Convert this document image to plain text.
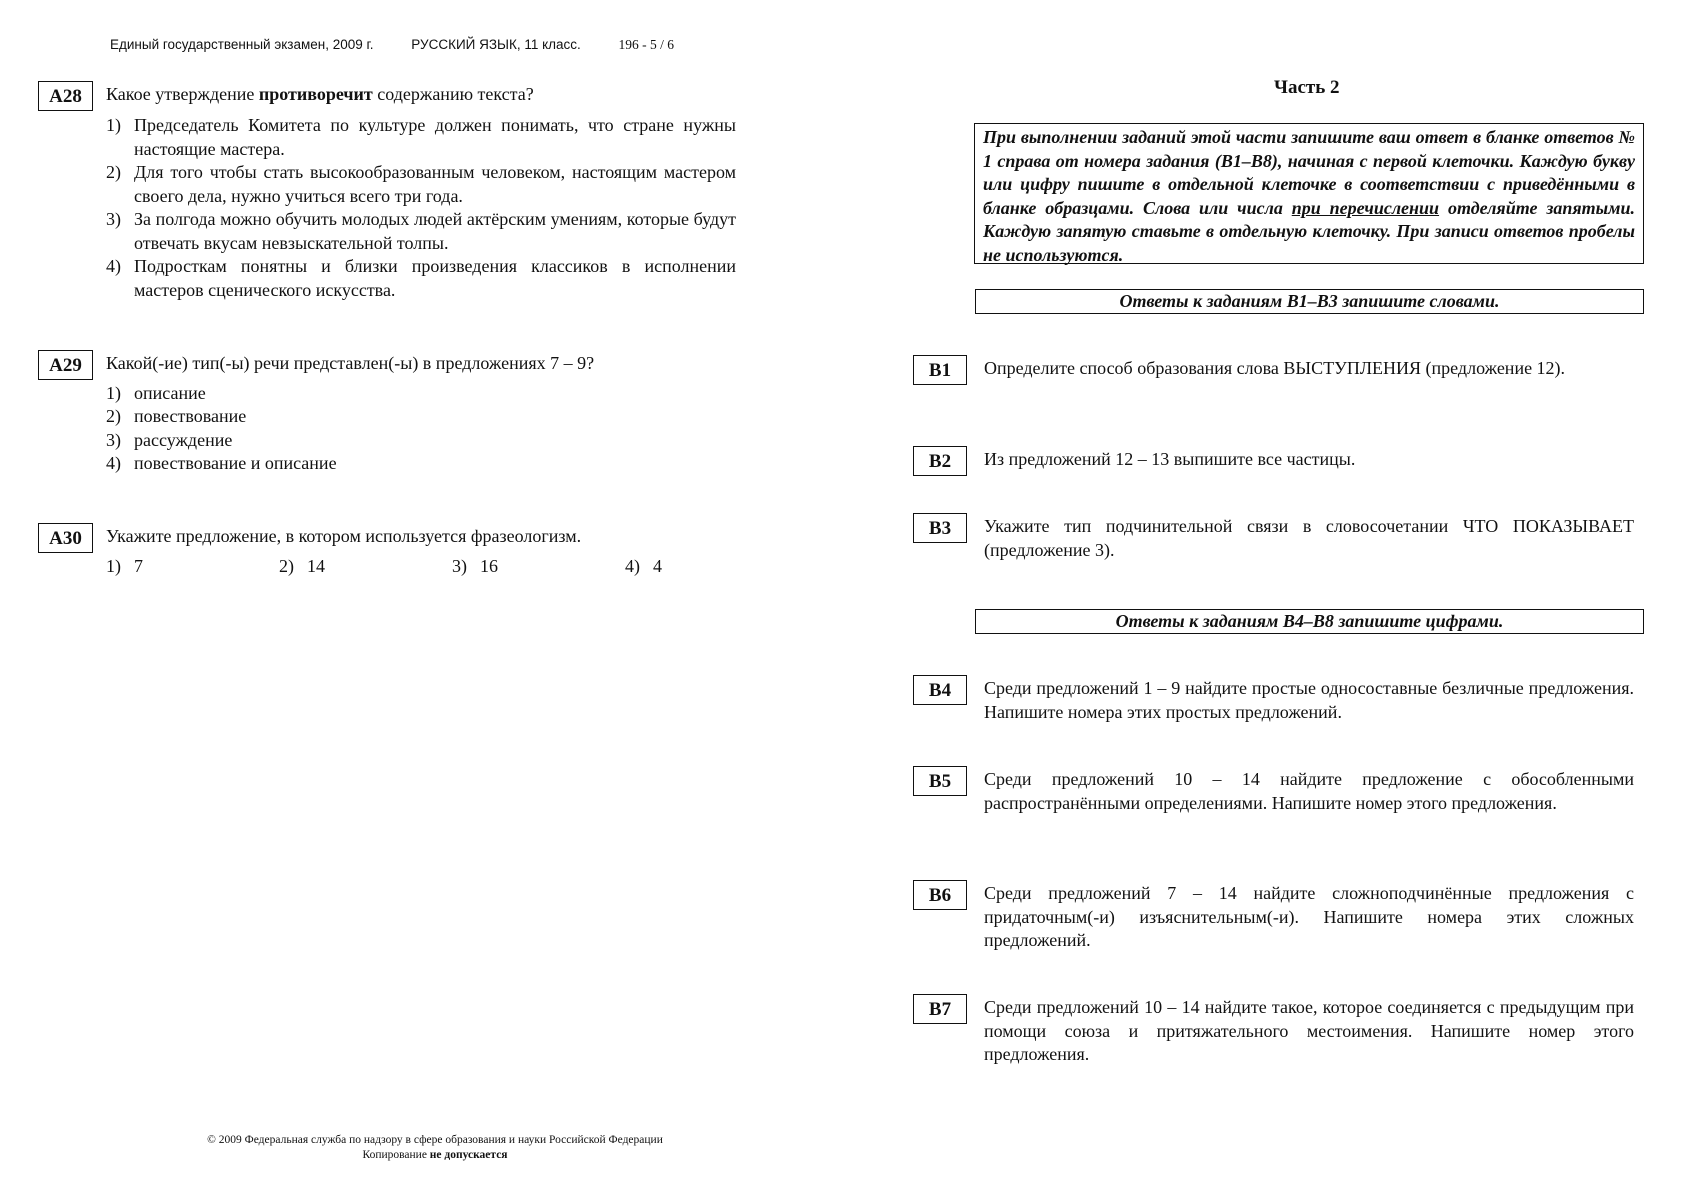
Единый государственный экзамен, 2009 г.	РУССКИЙ ЯЗЫК, 11 класс.	196 - 5 / 6
A28	Какое утверждение противоречит содержанию текста?
1) Председатель Комитета по культуре должен понимать, что стране нужны настоящие мастера.
2) Для того чтобы стать высокообразованным человеком, настоящим мастером своего дела, нужно учиться всего три года.
3) За полгода можно обучить молодых людей актёрским умениям, которые будут отвечать вкусам невзыскательной толпы.
4) Подросткам понятны и близки произведения классиков в исполнении мастеров сценического искусства.
A29	Какой(-ие) тип(-ы) речи представлен(-ы) в предложениях 7 – 9?
1) описание
2) повествование
3) рассуждение
4) повествование и описание
A30	Укажите предложение, в котором используется фразеологизм.
1) 7	2) 14	3) 16	4) 4
Часть 2
При выполнении заданий этой части запишите ваш ответ в бланке ответов № 1 справа от номера задания (B1–B8), начиная с первой клеточки. Каждую букву или цифру пишите в отдельной клеточке в соответствии с приведёнными в бланке образцами. Слова или числа при перечислении отделяйте запятыми. Каждую запятую ставьте в отдельную клеточку. При записи ответов пробелы не используются.
Ответы к заданиям B1–B3 запишите словами.
B1	Определите способ образования слова ВЫСТУПЛЕНИЯ (предложение 12).
B2	Из предложений 12 – 13 выпишите все частицы.
B3	Укажите тип подчинительной связи в словосочетании ЧТО ПОКАЗЫВАЕТ (предложение 3).
Ответы к заданиям B4–B8 запишите цифрами.
B4	Среди предложений 1 – 9 найдите простые односоставные безличные предложения. Напишите номера этих простых предложений.
B5	Среди предложений 10 – 14 найдите предложение с обособленными распространёнными определениями. Напишите номер этого предложения.
B6	Среди предложений 7 – 14 найдите сложноподчинённые предложения с придаточным(-и) изъяснительным(-и). Напишите номера этих сложных предложений.
B7	Среди предложений 10 – 14 найдите такое, которое соединяется с предыдущим при помощи союза и притяжательного местоимения. Напишите номер этого предложения.
© 2009 Федеральная служба по надзору в сфере образования и науки Российской Федерации
Копирование не допускается
